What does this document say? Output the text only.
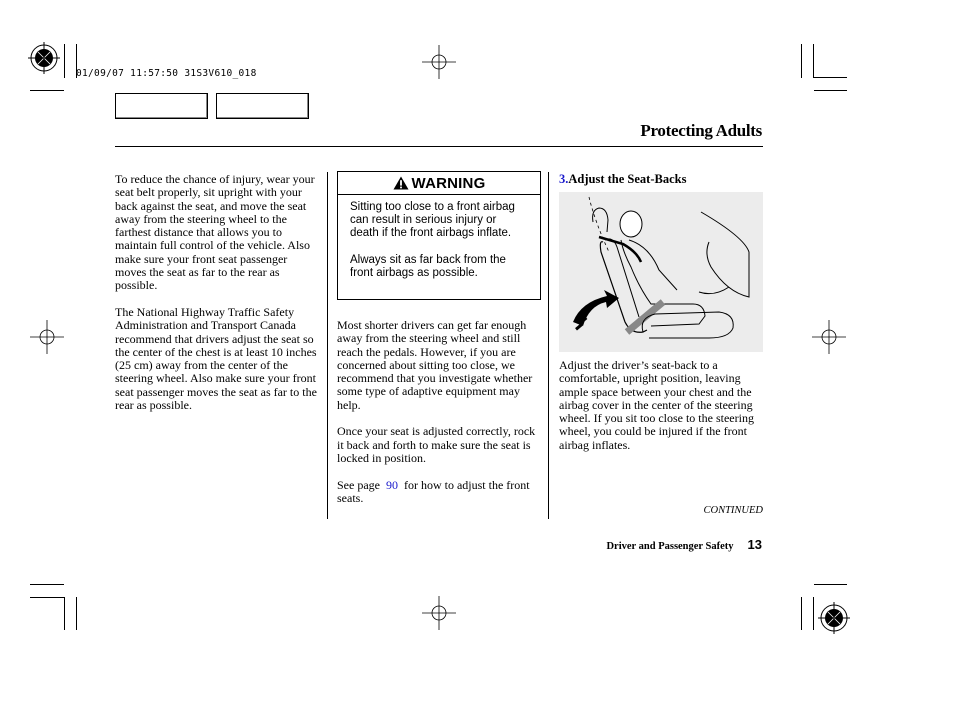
01/09/07 11:57:50 31S3V610_018
Protecting Adults

To reduce the chance of injury, wear your seat belt properly, sit upright with your back against the seat, and move the seat away from the steering wheel to the farthest distance that allows you to maintain full control of the vehicle. Also make sure your front seat passenger moves the seat as far to the rear as possible.

The National Highway Traffic Safety Administration and Transport Canada recommend that drivers adjust the seat so the center of the chest is at least 10 inches (25 cm) away from the center of the steering wheel. Also make sure your front seat passenger moves the seat as far to the rear as possible.

WARNING

Sitting too close to a front airbag can result in serious injury or death if the front airbags inflate.

Always sit as far back from the front airbags as possible.

Most shorter drivers can get far enough away from the steering wheel and still reach the pedals. However, if you are concerned about sitting too close, we recommend that you investigate whether some type of adaptive equipment may help.

Once your seat is adjusted correctly, rock it back and forth to make sure the seat is locked in position.

See page 90 for how to adjust the front seats.

3.Adjust the Seat-Backs

Adjust the driver’s seat-back to a comfortable, upright position, leaving ample space between your chest and the airbag cover in the center of the steering wheel. If you sit too close to the steering wheel, you could be injured if the front airbag inflates.

CONTINUED
Driver and Passenger Safety 13
